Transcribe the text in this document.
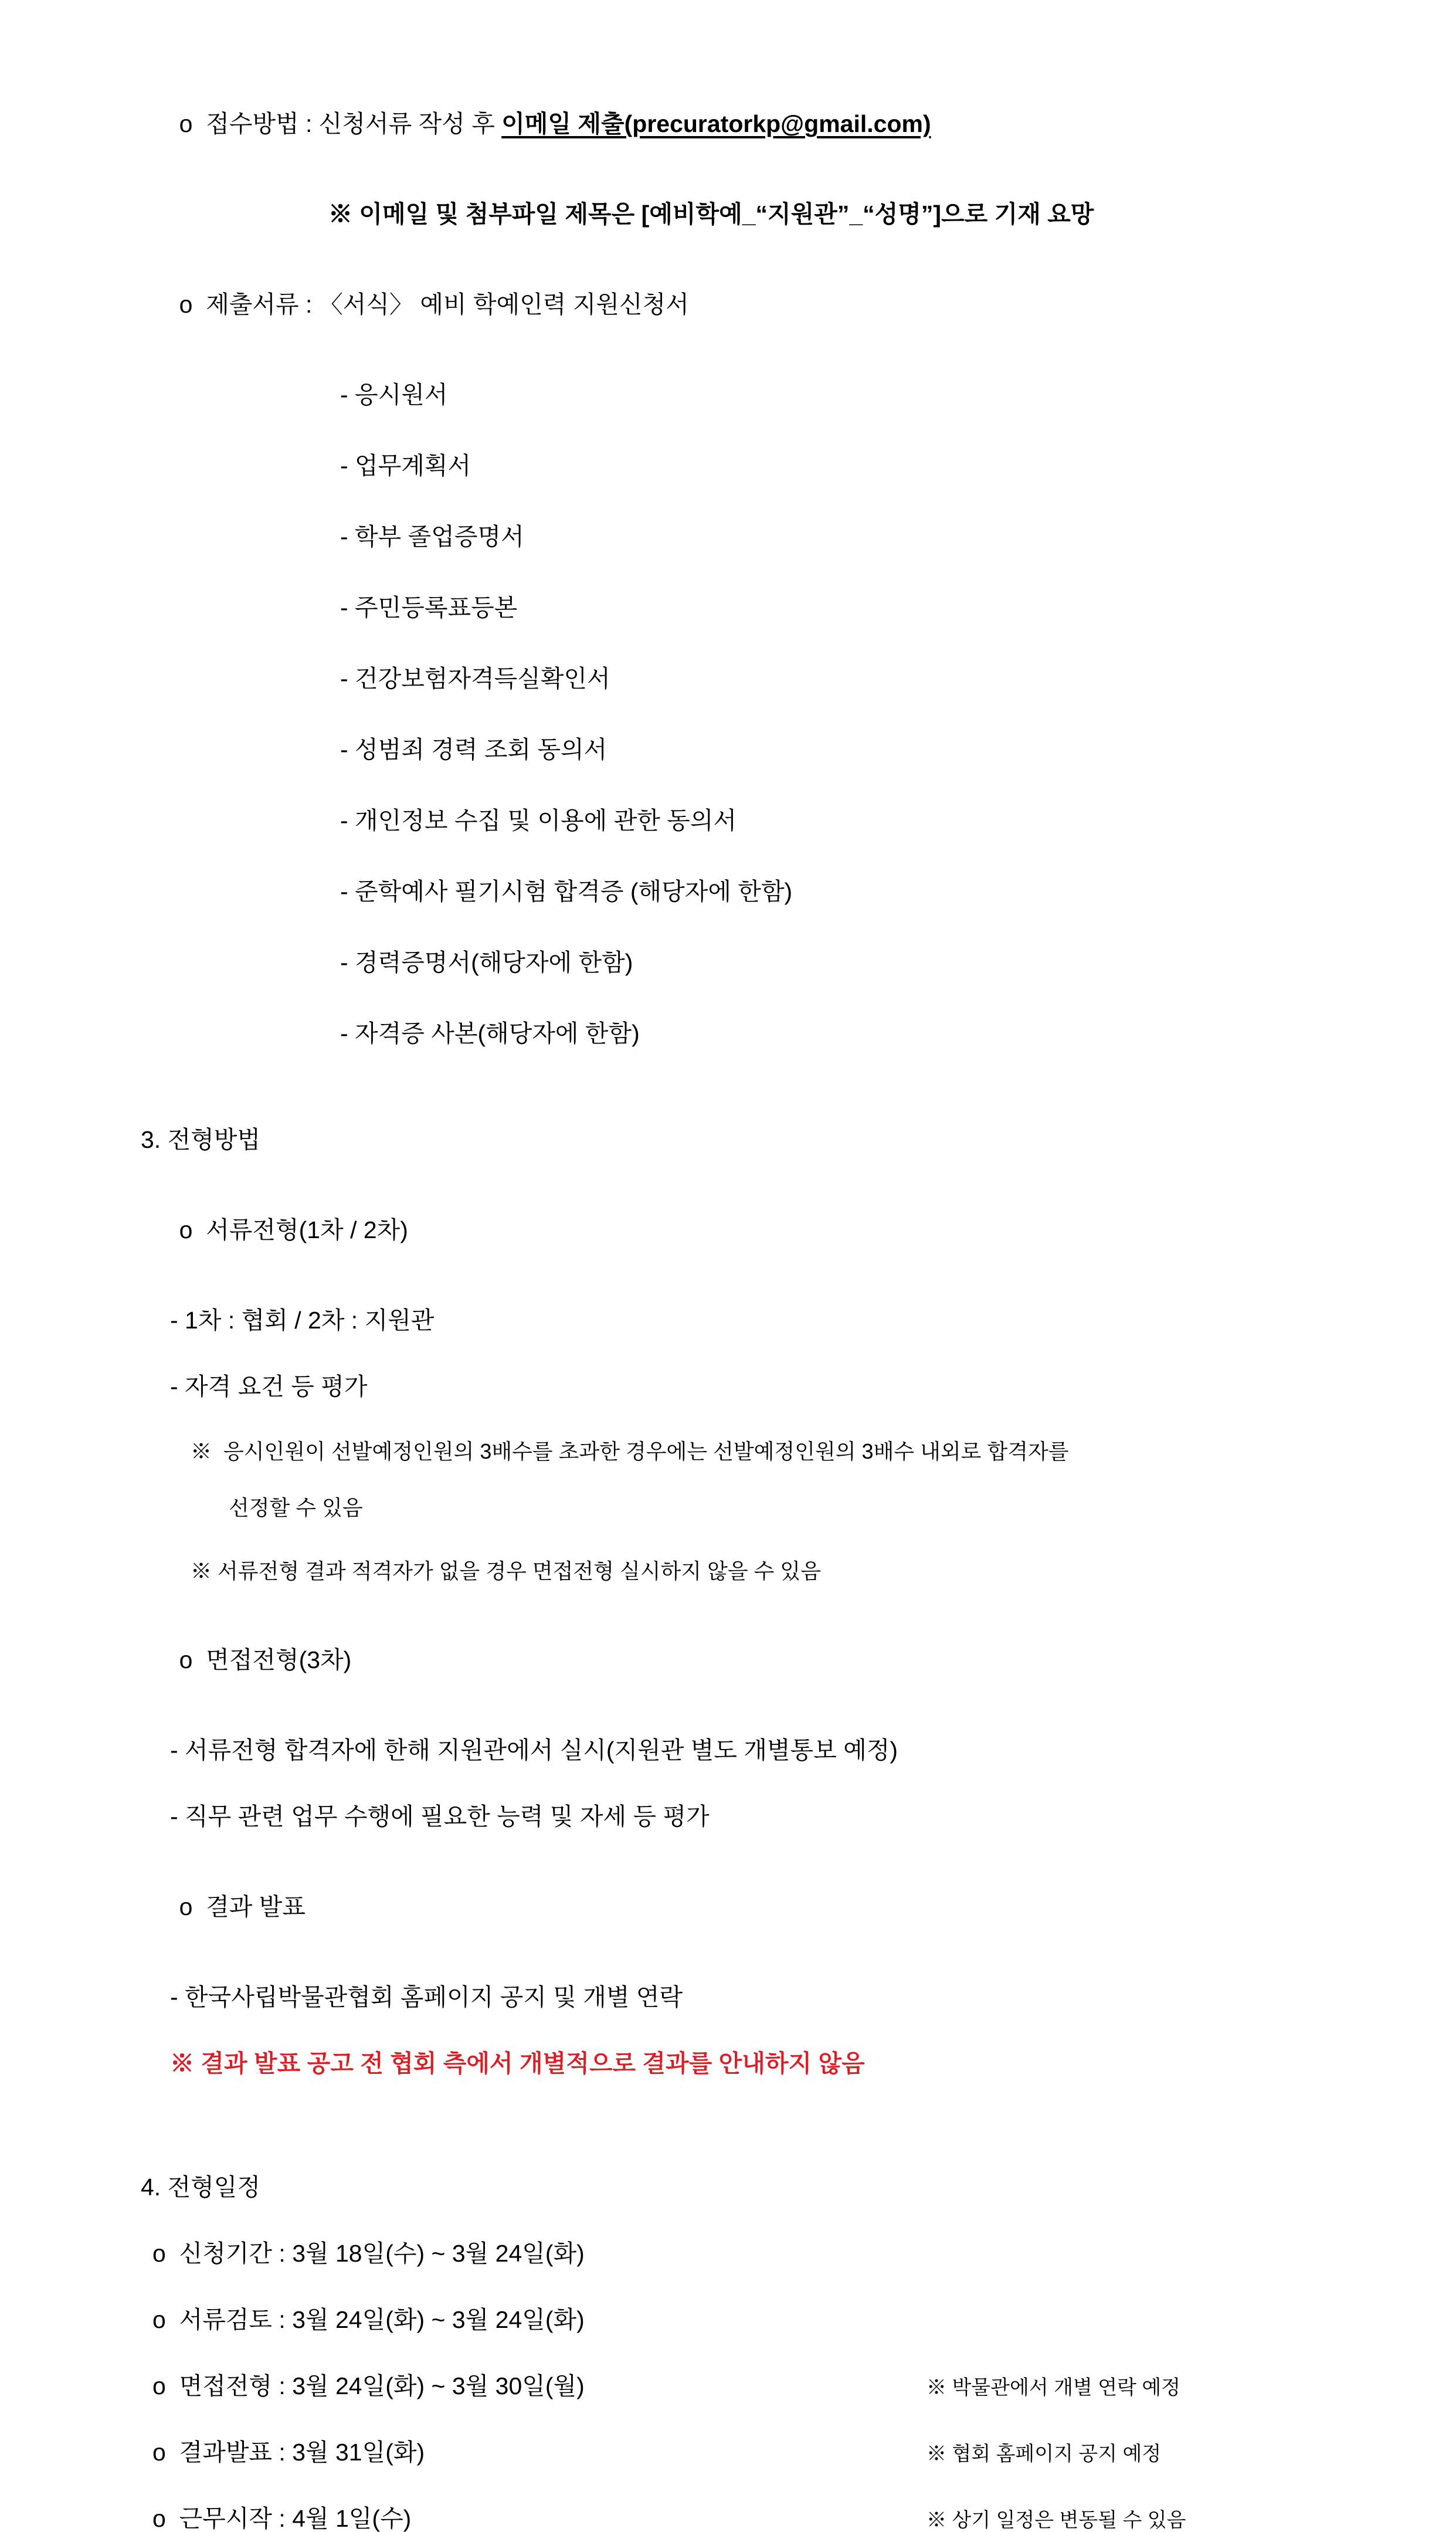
o 접수방법 : 신청서류 작성 후 이메일 제출(precuratorkp@gmail.com)

※ 이메일 및 첨부파일 제목은 [예비학예_“지원관”_“성명”]으로 기재 요망

o 제출서류 : 〈서식〉 예비 학예인력 지원신청서

- 응시원서
- 업무계획서
- 학부 졸업증명서
- 주민등록표등본
- 건강보험자격득실확인서
- 성범죄 경력 조회 동의서
- 개인정보 수집 및 이용에 관한 동의서
- 준학예사 필기시험 합격증 (해당자에 한함)
- 경력증명서(해당자에 한함)
- 자격증 사본(해당자에 한함)
3. 전형방법

o 서류전형(1차 / 2차)

- 1차 : 협회 / 2차 : 지원관
- 자격 요건 등 평가
※  응시인원이 선발예정인원의 3배수를 초과한 경우에는 선발예정인원의 3배수 내외로 합격자를
선정할 수 있음
※ 서류전형 결과 적격자가 없을 경우 면접전형 실시하지 않을 수 있음

o 면접전형(3차)

- 서류전형 합격자에 한해 지원관에서 실시(지원관 별도 개별통보 예정)
- 직무 관련 업무 수행에 필요한 능력 및 자세 등 평가

o 결과 발표

- 한국사립박물관협회 홈페이지 공지 및 개별 연락
※ 결과 발표 공고 전 협회 측에서 개별적으로 결과를 안내하지 않음
4. 전형일정
o 신청기간 : 3월 18일(수) ~ 3월 24일(화)
o 서류검토 : 3월 24일(화) ~ 3월 24일(화)
o 면접전형 : 3월 24일(화) ~ 3월 30일(월)	※ 박물관에서 개별 연락 예정
o 결과발표 : 3월 31일(화)	※ 협회 홈페이지 공지 예정
o 근무시작 : 4월 1일(수)	※ 상기 일정은 변동될 수 있음
